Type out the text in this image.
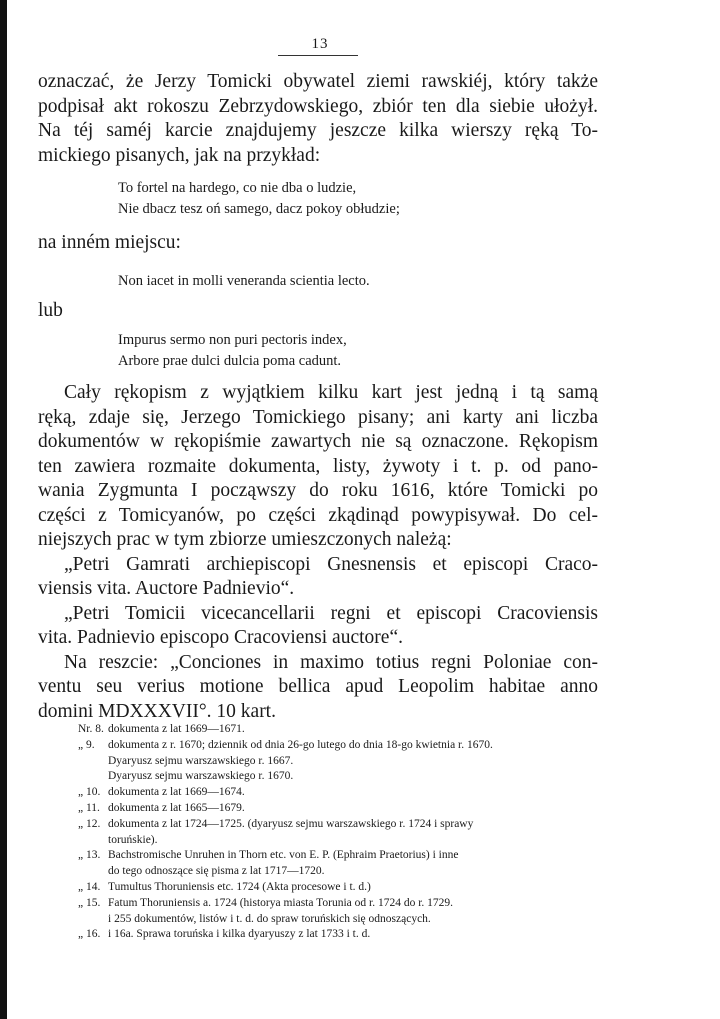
13
oznaczać, że Jerzy Tomicki obywatel ziemi rawskiéj, który także
podpisał akt rokoszu Zebrzydowskiego, zbiór ten dla siebie ułożył.
Na téj saméj karcie znajdujemy jeszcze kilka wierszy ręką To-
mickiego pisanych, jak na przykład:
To fortel na hardego, co nie dba o ludzie,
Nie dbacz tesz oń samego, dacz pokoy obłudzie;
na inném miejscu:
Non iacet in molli veneranda scientia lecto.
lub
Impurus sermo non puri pectoris index,
Arbore prae dulci dulcia poma cadunt.
Cały rękopism z wyjątkiem kilku kart jest jedną i tą samą
ręką, zdaje się, Jerzego Tomickiego pisany; ani karty ani liczba
dokumentów w rękopiśmie zawartych nie są oznaczone. Rękopism
ten zawiera rozmaite dokumenta, listy, żywoty i t. p. od pano-
wania Zygmunta I począwszy do roku 1616, które Tomicki po
części z Tomicyanów, po części zkądinąd powypisywał. Do cel-
niejszych prac w tym zbiorze umieszczonych należą:
„Petri Gamrati archiepiscopi Gnesnensis et episcopi Craco-
viensis vita. Auctore Padnievio“.
„Petri Tomicii vicecancellarii regni et episcopi Cracoviensis
vita. Padnievio episcopo Cracoviensi auctore“.
Na reszcie: „Conciones in maximo totius regni Poloniae con-
ventu seu verius motione bellica apud Leopolim habitae anno
domini MDXXXVII°. 10 kart.
Nr. 8. dokumenta z lat 1669—1671.
„ 9.	dokumenta z r. 1670; dziennik od dnia 26-go lutego do dnia 18-go kwietnia r. 1670.
Dyaryusz sejmu warszawskiego r. 1667.
Dyaryusz sejmu warszawskiego r. 1670.
„ 10. dokumenta z lat 1669—1674.
„ 11. dokumenta z lat 1665—1679.
„ 12. dokumenta z lat 1724—1725. (dyaryusz sejmu warszawskiego r. 1724 i sprawy
toruńskie).
„ 13. Bachstromische Unruhen in Thorn etc. von E. P. (Ephraim Praetorius) i inne
do tego odnoszące się pisma z lat 1717—1720.
„ 14. Tumultus Thoruniensis etc. 1724 (Akta procesowe i t. d.)
„ 15. Fatum Thoruniensis a. 1724 (historya miasta Torunia od r. 1724 do r. 1729.
i 255 dokumentów, listów i t. d. do spraw toruńskich się odnoszących.
„ 16. i 16a. Sprawa toruńska i kilka dyaryuszy z lat 1733 i t. d.
